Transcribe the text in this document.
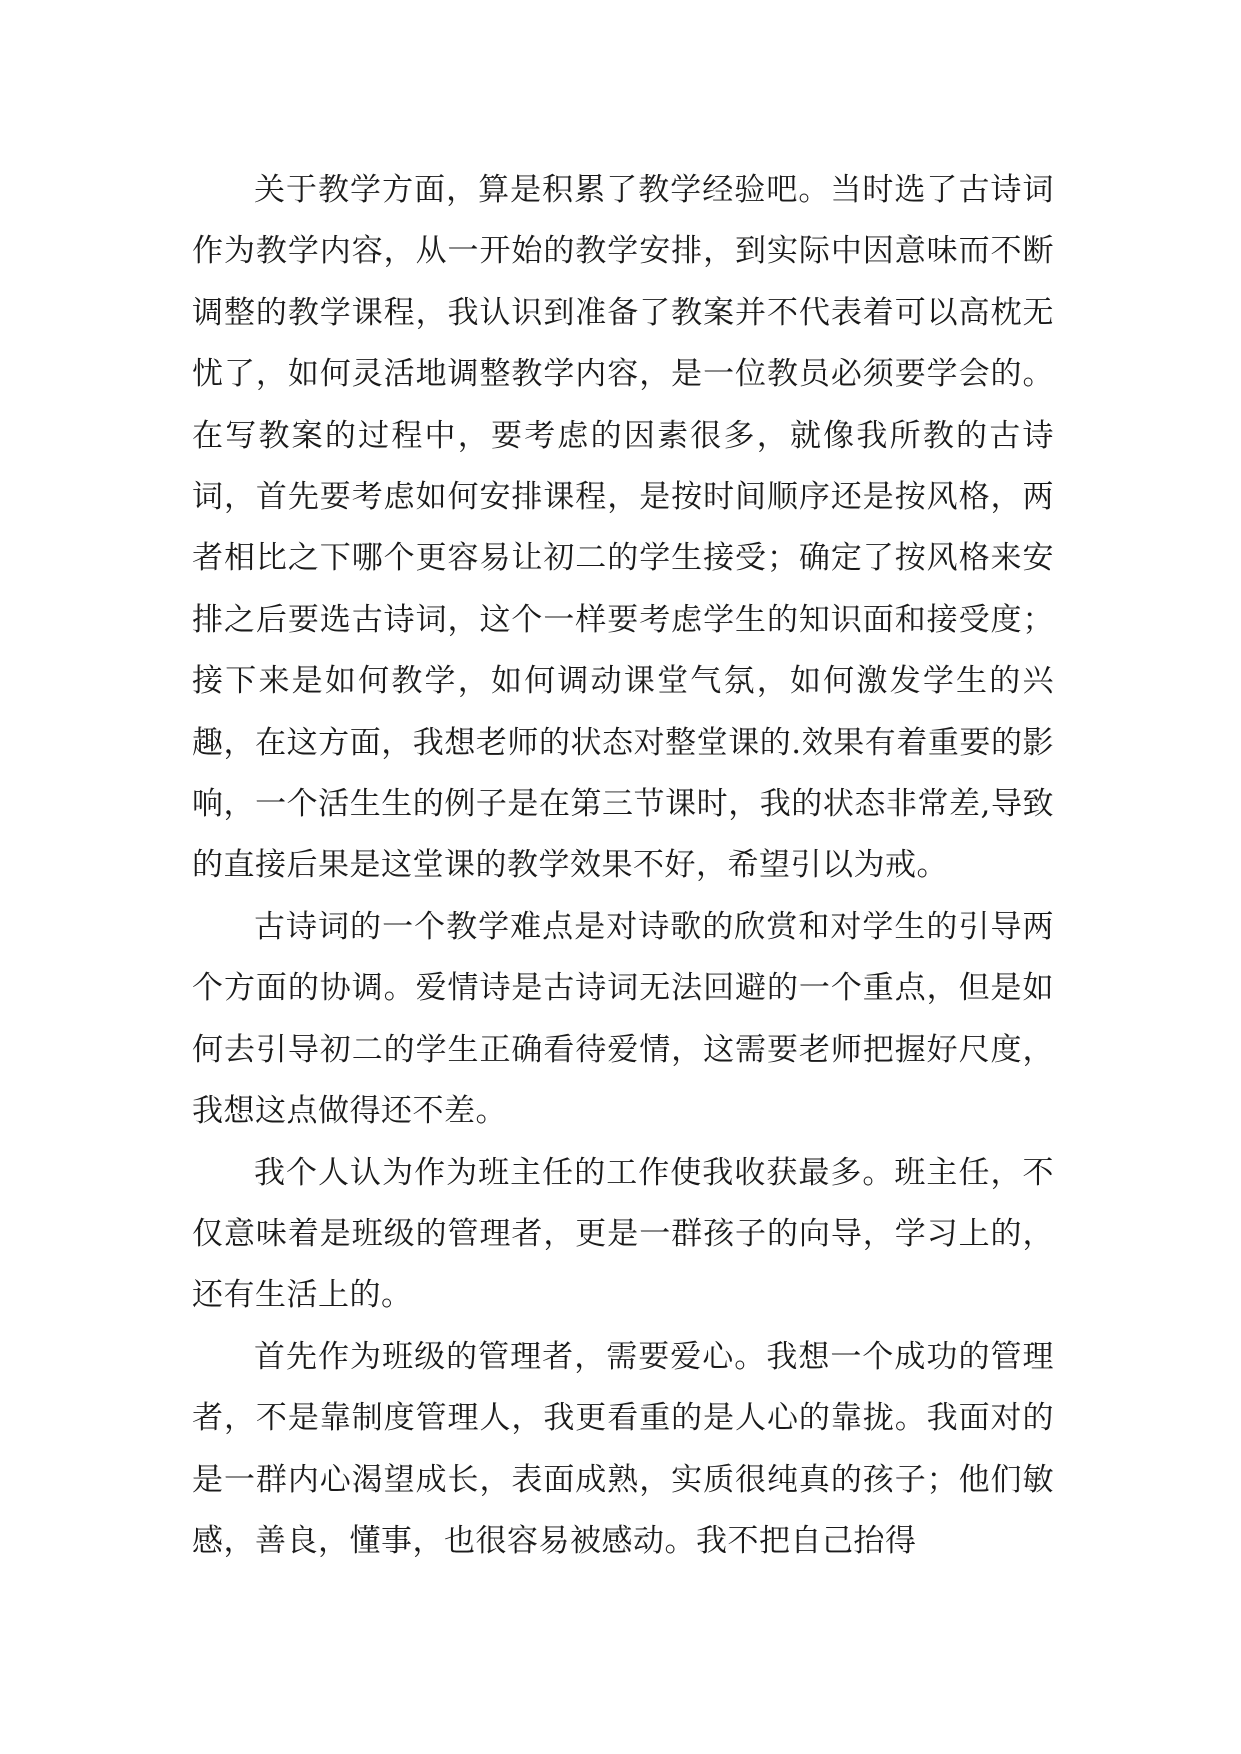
关于教学方面，算是积累了教学经验吧。当时选了古诗词作为教学内容，从一开始的教学安排，到实际中因意味而不断调整的教学课程，我认识到准备了教案并不代表着可以高枕无忧了，如何灵活地调整教学内容，是一位教员必须要学会的。在写教案的过程中，要考虑的因素很多，就像我所教的古诗词，首先要考虑如何安排课程，是按时间顺序还是按风格，两者相比之下哪个更容易让初二的学生接受；确定了按风格来安排之后要选古诗词，这个一样要考虑学生的知识面和接受度；接下来是如何教学，如何调动课堂气氛，如何激发学生的兴趣，在这方面，我想老师的状态对整堂课的.效果有着重要的影响，一个活生生的例子是在第三节课时，我的状态非常差,导致的直接后果是这堂课的教学效果不好，希望引以为戒。

古诗词的一个教学难点是对诗歌的欣赏和对学生的引导两个方面的协调。爱情诗是古诗词无法回避的一个重点，但是如何去引导初二的学生正确看待爱情，这需要老师把握好尺度，我想这点做得还不差。

我个人认为作为班主任的工作使我收获最多。班主任，不仅意味着是班级的管理者，更是一群孩子的向导，学习上的，还有生活上的。

首先作为班级的管理者，需要爱心。我想一个成功的管理者，不是靠制度管理人，我更看重的是人心的靠拢。我面对的是一群内心渴望成长，表面成熟，实质很纯真的孩子；他们敏感，善良，懂事，也很容易被感动。我不把自己抬得
